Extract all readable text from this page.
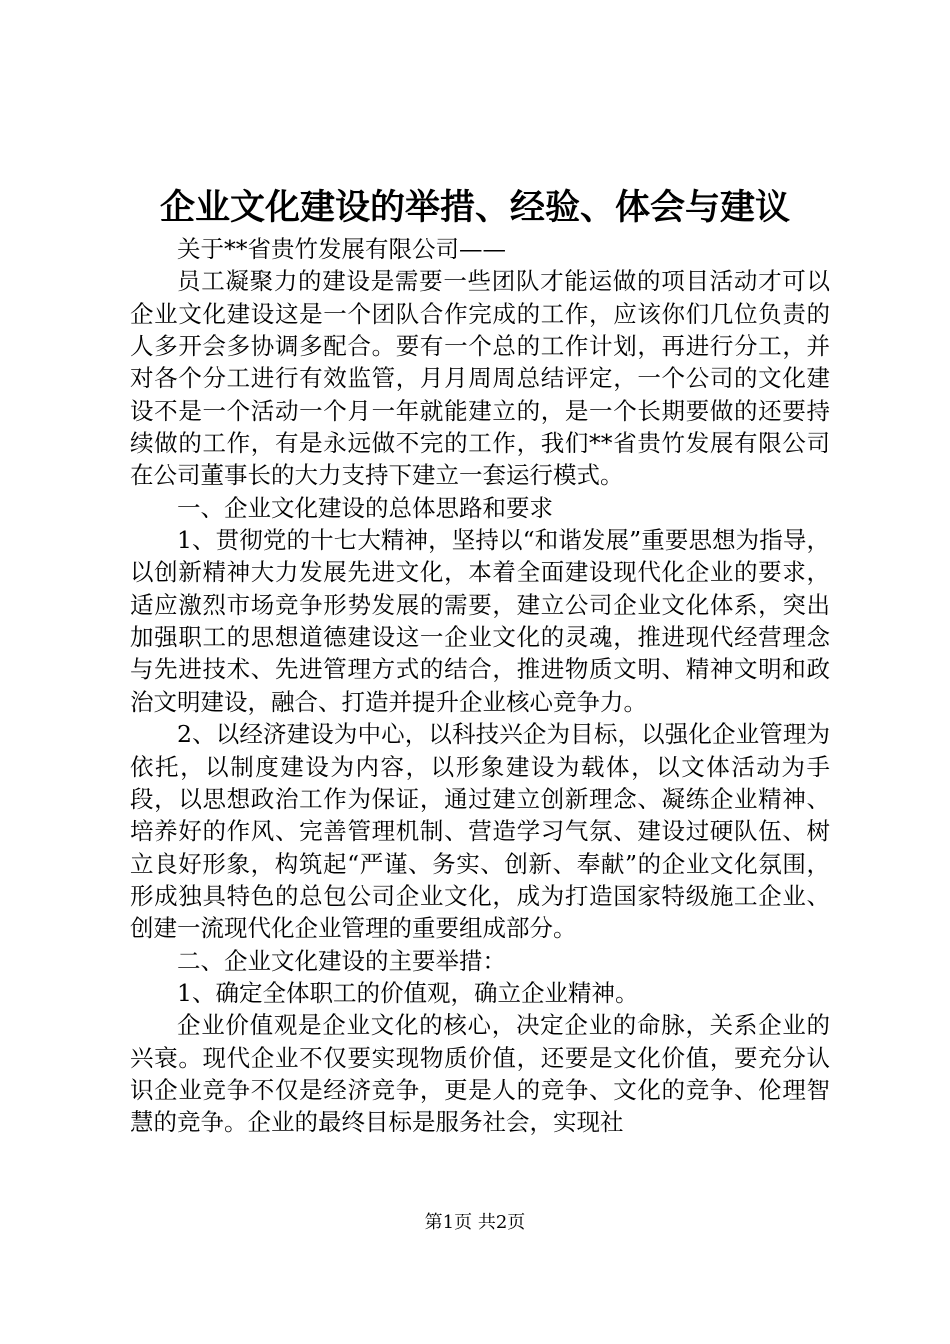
企业文化建设的举措、经验、体会与建议

关于**省贵竹发展有限公司——

员工凝聚力的建设是需要一些团队才能运做的项目活动才可以企业文化建设这是一个团队合作完成的工作，应该你们几位负责的人多开会多协调多配合。要有一个总的工作计划，再进行分工，并对各个分工进行有效监管，月月周周总结评定，一个公司的文化建设不是一个活动一个月一年就能建立的，是一个长期要做的还要持续做的工作，有是永远做不完的工作，我们**省贵竹发展有限公司在公司董事长的大力支持下建立一套运行模式。

一、企业文化建设的总体思路和要求

1、贯彻党的十七大精神，坚持以“和谐发展”重要思想为指导，以创新精神大力发展先进文化，本着全面建设现代化企业的要求，适应激烈市场竞争形势发展的需要，建立公司企业文化体系，突出加强职工的思想道德建设这一企业文化的灵魂，推进现代经营理念与先进技术、先进管理方式的结合，推进物质文明、精神文明和政治文明建设，融合、打造并提升企业核心竞争力。

2、以经济建设为中心，以科技兴企为目标，以强化企业管理为依托，以制度建设为内容，以形象建设为载体，以文体活动为手段，以思想政治工作为保证，通过建立创新理念、凝练企业精神、培养好的作风、完善管理机制、营造学习气氛、建设过硬队伍、树立良好形象，构筑起“严谨、务实、创新、奉献”的企业文化氛围，形成独具特色的总包公司企业文化，成为打造国家特级施工企业、创建一流现代化企业管理的重要组成部分。

二、企业文化建设的主要举措：

1、确定全体职工的价值观，确立企业精神。

企业价值观是企业文化的核心，决定企业的命脉，关系企业的兴衰。现代企业不仅要实现物质价值，还要是文化价值，要充分认识企业竞争不仅是经济竞争，更是人的竞争、文化的竞争、伦理智慧的竞争。企业的最终目标是服务社会，实现社

第1页 共2页
